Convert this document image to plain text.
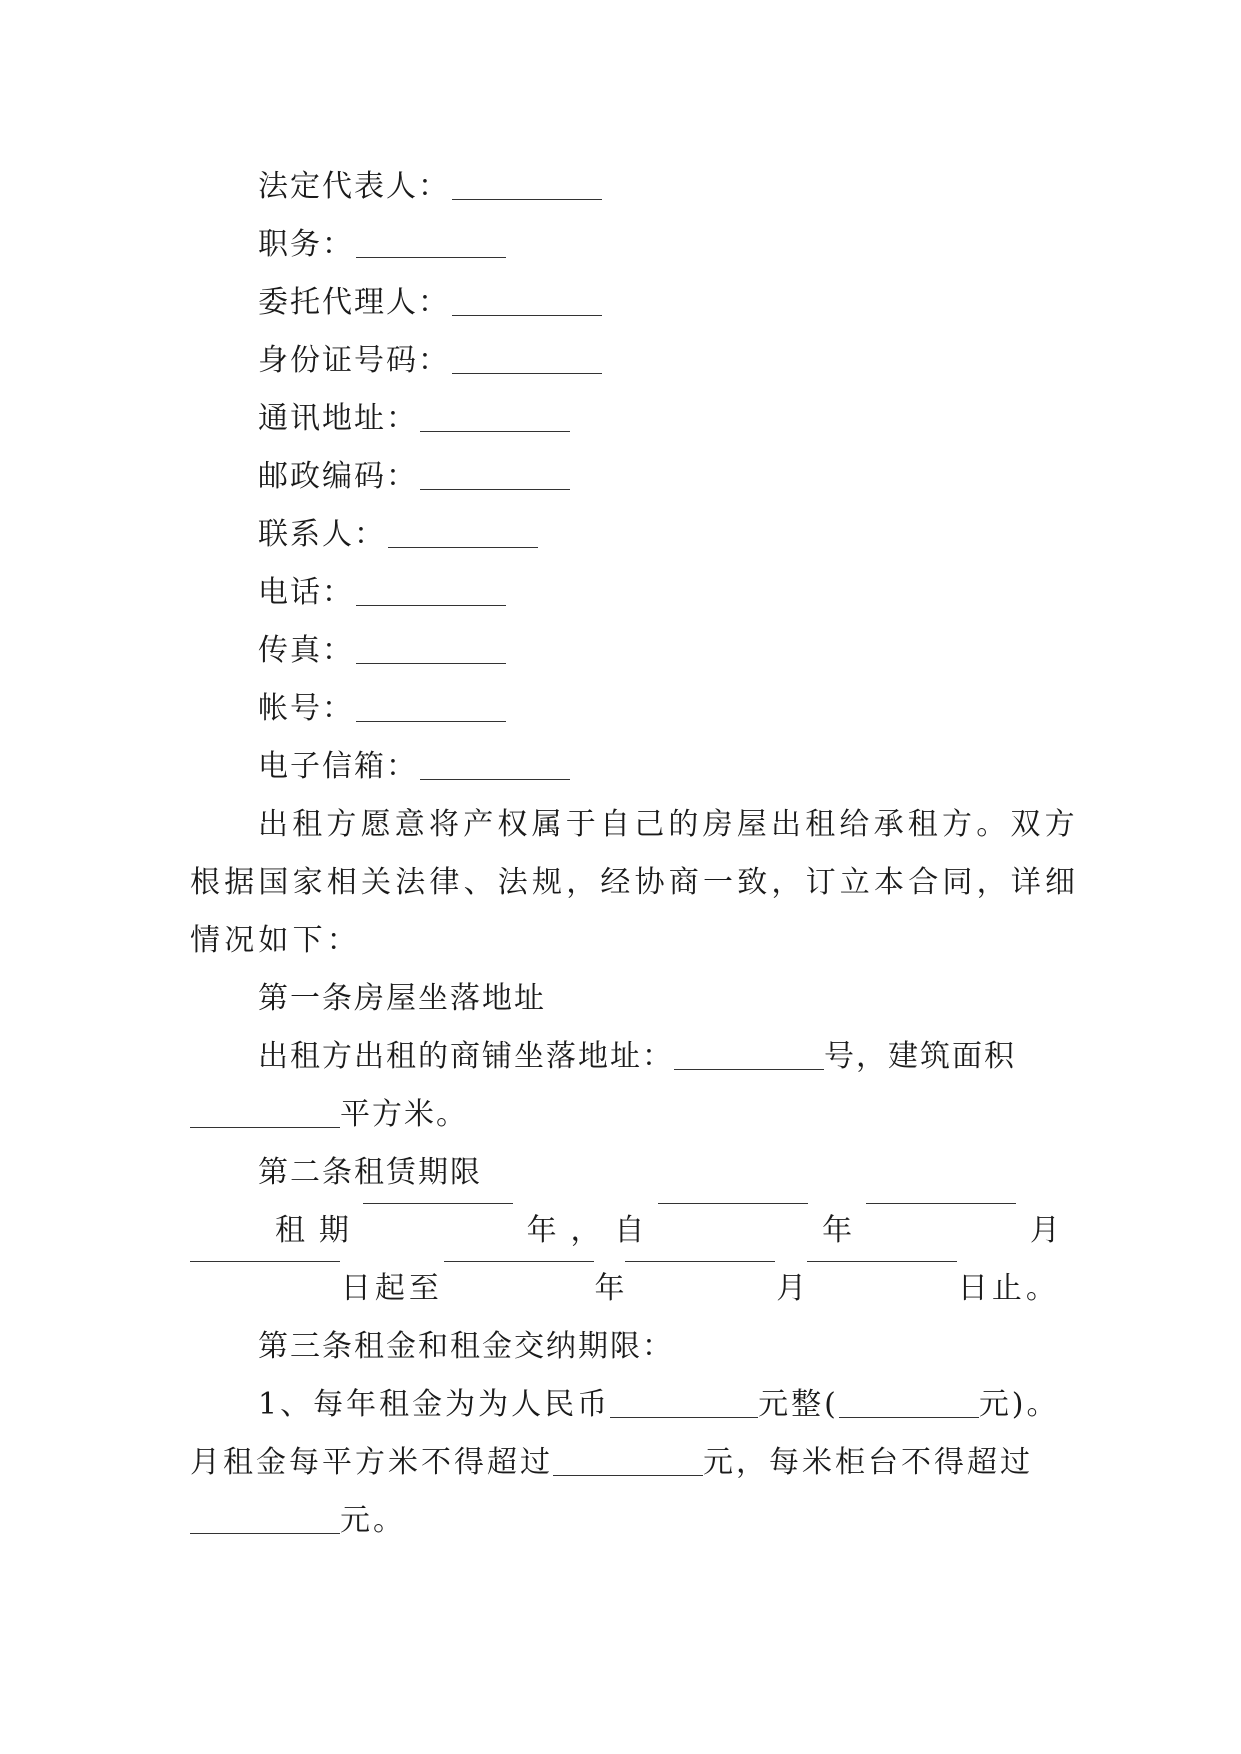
法定代表人：
职务：
委托代理人：
身份证号码：
通讯地址：
邮政编码：
联系人：
电话：
传真：
帐号：
电子信箱：

出租方愿意将产权属于自己的房屋出租给承租方。双方

根据国家相关法律、法规，经协商一致，订立本合同，详细

情况如下：

第一条房屋坐落地址

出租方出租的商铺坐落地址：	号，建筑面积

平方米。

第二条租赁期限

租 期	年 ， 自	年	月
日起至	年	月	日止。

第三条租金和租金交纳期限：

1、每年租金为为人民币	元整(	元)。

月租金每平方米不得超过	元，每米柜台不得超过

元。
